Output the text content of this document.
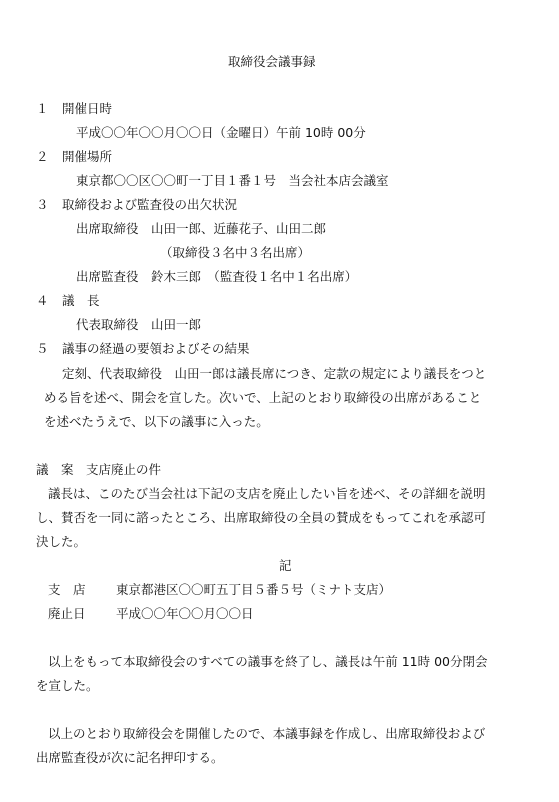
取締役会議事録
１ 開催日時
平成〇〇年〇〇月〇〇日（金曜日）午前 10時 00分
２ 開催場所
東京都〇〇区〇〇町一丁目１番１号　当会社本店会議室
３ 取締役および監査役の出欠状況
出席取締役　山田一郎、近藤花子、山田二郎
（取締役３名中３名出席）
出席監査役　鈴木三郎　（監査役１名中１名出席）
４ 議　長
代表取締役　山田一郎
５ 議事の経過の要領およびその結果
定刻、代表取締役　山田一郎は議長席につき、定款の規定により議長をつと
める旨を述べ、開会を宣した。次いで、上記のとおり取締役の出席があること
を述べたうえで、以下の議事に入った。
議　案　支店廃止の件
議長は、このたび当会社は下記の支店を廃止したい旨を述べ、その詳細を説明
し、賛否を一同に諮ったところ、出席取締役の全員の賛成をもってこれを承認可
決した。
記
支　店 東京都港区〇〇町五丁目５番５号（ミナト支店）
廃止日 平成〇〇年〇〇月〇〇日
以上をもって本取締役会のすべての議事を終了し、議長は午前 11時 00分閉会
を宣した。
以上のとおり取締役会を開催したので、本議事録を作成し、出席取締役および
出席監査役が次に記名押印する。
